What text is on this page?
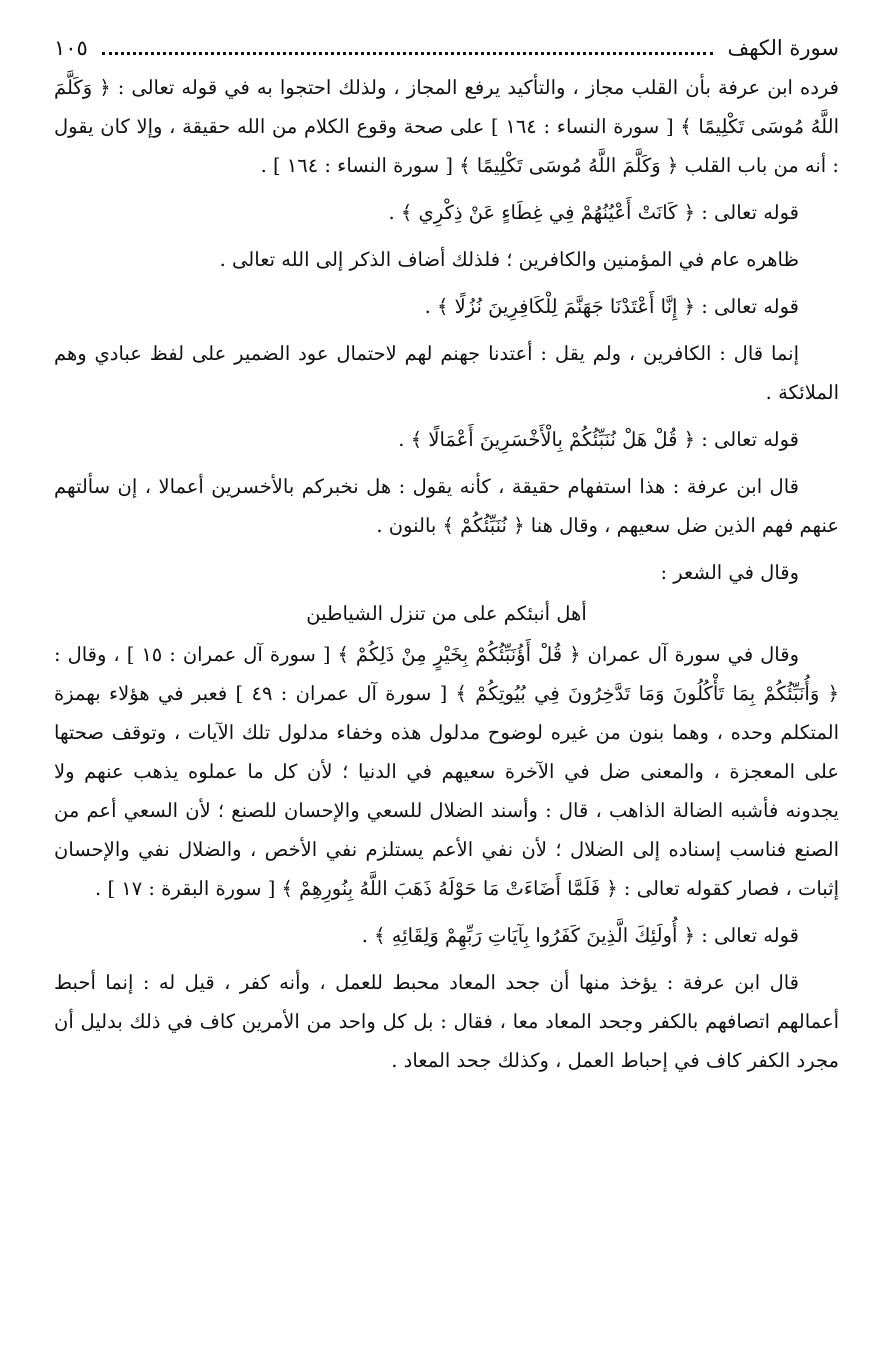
سورة الكهف
١٠٥

فرده ابن عرفة بأن القلب مجاز ، والتأكيد يرفع المجاز ، ولذلك احتجوا به في قوله تعالى : ﴿ وَكَلَّمَ اللَّهُ مُوسَى تَكْلِيمًا ﴾ [ سورة النساء : ١٦٤ ] على صحة وقوع الكلام من الله حقيقة ، وإلا كان يقول : أنه من باب القلب ﴿ وَكَلَّمَ اللَّهُ مُوسَى تَكْلِيمًا ﴾ [ سورة النساء : ١٦٤ ] .

قوله تعالى : ﴿ كَانَتْ أَعْيُنُهُمْ فِي غِطَاءٍ عَنْ ذِكْرِي ﴾ .

ظاهره عام في المؤمنين والكافرين ؛ فلذلك أضاف الذكر إلى الله تعالى .

قوله تعالى : ﴿ إِنَّا أَعْتَدْنَا جَهَنَّمَ لِلْكَافِرِينَ نُزُلًا ﴾ .

إنما قال : الكافرين ، ولم يقل : أعتدنا جهنم لهم لاحتمال عود الضمير على لفظ عبادي وهم الملائكة .

قوله تعالى : ﴿ قُلْ هَلْ نُنَبِّئُكُمْ بِالْأَخْسَرِينَ أَعْمَالًا ﴾ .

قال ابن عرفة : هذا استفهام حقيقة ، كأنه يقول : هل نخبركم بالأخسرين أعمالا ، إن سألتهم عنهم فهم الذين ضل سعيهم ، وقال هنا ﴿ نُنَبِّئُكُمْ ﴾ بالنون .

وقال في الشعر :

أهل أنبئكم على من تنزل الشياطين

وقال في سورة آل عمران ﴿ قُلْ أَؤُنَبِّئُكُمْ بِخَيْرٍ مِنْ ذَلِكُمْ ﴾ [ سورة آل عمران : ١٥ ] ، وقال : ﴿ وَأُنَبِّئُكُمْ بِمَا تَأْكُلُونَ وَمَا تَدَّخِرُونَ فِي بُيُوتِكُمْ ﴾ [ سورة آل عمران : ٤٩ ] فعبر في هؤلاء بهمزة المتكلم وحده ، وهما بنون من غيره لوضوح مدلول هذه وخفاء مدلول تلك الآيات ، وتوقف صحتها على المعجزة ، والمعنى ضل في الآخرة سعيهم في الدنيا ؛ لأن كل ما عملوه يذهب عنهم ولا يجدونه فأشبه الضالة الذاهب ، قال : وأسند الضلال للسعي والإحسان للصنع ؛ لأن السعي أعم من الصنع فناسب إسناده إلى الضلال ؛ لأن نفي الأعم يستلزم نفي الأخص ، والضلال نفي والإحسان إثبات ، فصار كقوله تعالى : ﴿ فَلَمَّا أَضَاءَتْ مَا حَوْلَهُ ذَهَبَ اللَّهُ بِنُورِهِمْ ﴾ [ سورة البقرة : ١٧ ] .

قوله تعالى : ﴿ أُولَئِكَ الَّذِينَ كَفَرُوا بِآيَاتِ رَبِّهِمْ وَلِقَائِهِ ﴾ .

قال ابن عرفة : يؤخذ منها أن جحد المعاد محبط للعمل ، وأنه كفر ، قيل له : إنما أحبط أعمالهم اتصافهم بالكفر وجحد المعاد معا ، فقال : بل كل واحد من الأمرين كاف في ذلك بدليل أن مجرد الكفر كاف في إحباط العمل ، وكذلك جحد المعاد .
